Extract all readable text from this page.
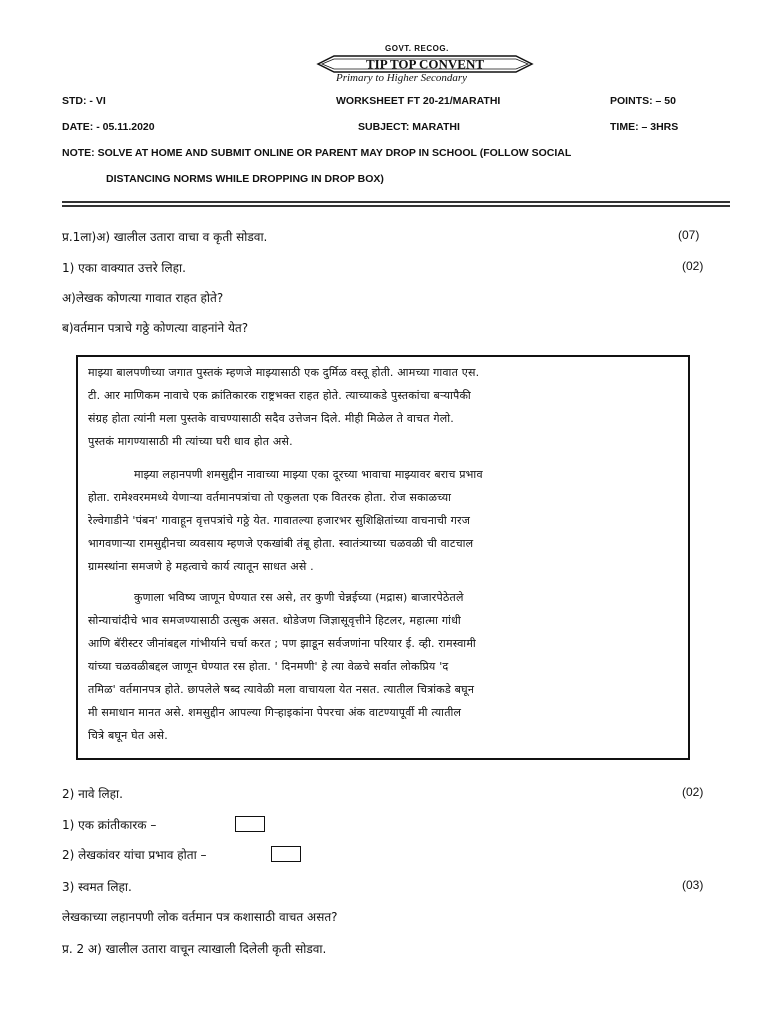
GOVT. RECOG.
TIP TOP CONVENT
Primary to Higher Secondary
STD: - VI	WORKSHEET FT 20-21/MARATHI	POINTS: – 50
DATE: - 05.11.2020	SUBJECT: MARATHI	TIME: – 3HRS
NOTE: SOLVE AT HOME AND SUBMIT ONLINE OR PARENT MAY DROP IN SCHOOL (FOLLOW SOCIAL
DISTANCING NORMS WHILE DROPPING IN DROP BOX)
प्र.1ला)अ) खालील उतारा वाचा व कृती सोडवा.	(07)
1) एका वाक्यात उत्तरे लिहा.	(02)
अ)लेखक कोणत्या गावात राहत होते?
ब)वर्तमान पत्राचे गठ्ठे कोणत्या वाहनांने येत?
माझ्या बालपणीच्या जगात पुस्तकं म्हणजे माझ्यासाठी एक दुर्मिळ वस्तू होती. आमच्या गावात एस.
टी. आर माणिकम नावाचे एक क्रांतिकारक राष्ट्रभक्त राहत होते. त्याच्याकडे पुस्तकांचा बऱ्यापैकी
संग्रह होता त्यांनी मला पुस्तके वाचण्यासाठी सदैव उत्तेजन दिले. मीही मिळेल ते वाचत गेलो.
पुस्तकं मागण्यासाठी मी त्यांच्या घरी धाव होत असे.
माझ्या लहानपणी शमसुद्दीन नावाच्या माझ्या एका दूरच्या भावाचा माझ्यावर बराच प्रभाव
होता. रामेश्वरममध्ये येणाऱ्या वर्तमानपत्रांचा तो एकुलता एक वितरक होता. रोज सकाळच्या
रेल्वेगाडीने 'पंबन' गावाहून वृत्तपत्रांचे गठ्ठे येत. गावातल्या हजारभर सुशिक्षितांच्या वाचनाची गरज
भागवणाऱ्या रामसुद्दीनचा व्यवसाय म्हणजे एकखांबी तंबू होता. स्वातंत्र्याच्या चळवळी ची वाटचाल
ग्रामस्थांना समजणे हे महत्वाचे कार्य त्यातून साधत असे .
कुणाला भविष्य जाणून घेण्यात रस असे, तर कुणी चेन्नईच्या (मद्रास) बाजारपेठेतले
सोन्याचांदीचे भाव समजण्यासाठी उत्सुक असत. थोडेजण जिज्ञासूवृत्तीने हिटलर, महात्मा गांधी
आणि बॅरीस्टर जीनांबद्दल गांभीर्याने चर्चा करत ; पण झाडून सर्वजणांना परियार ई. व्ही. रामस्वामी
यांच्या चळवळीबद्दल जाणून घेण्यात रस होता. ' दिनमणी' हे त्या वेळचे सर्वात लोकप्रिय 'द
तमिळ' वर्तमानपत्र होते. छापलेले षब्द त्यावेळी मला वाचायला येत नसत. त्यातील चित्रांकडे बघून
मी समाधान मानत असे. शमसुद्दीन आपल्या गिऱ्हाइकांना पेपरचा अंक वाटण्यापूर्वी मी त्यातील
चित्रे बघून घेत असे.
2) नावे लिहा.	(02)
1) एक क्रांतीकारक –
2) लेखकांवर यांचा प्रभाव होता –
3) स्वमत लिहा.	(03)
लेखकाच्या लहानपणी लोक वर्तमान पत्र कशासाठी वाचत असत?
प्र. 2 अ) खालील उतारा वाचून त्याखाली दिलेली कृती सोडवा.
